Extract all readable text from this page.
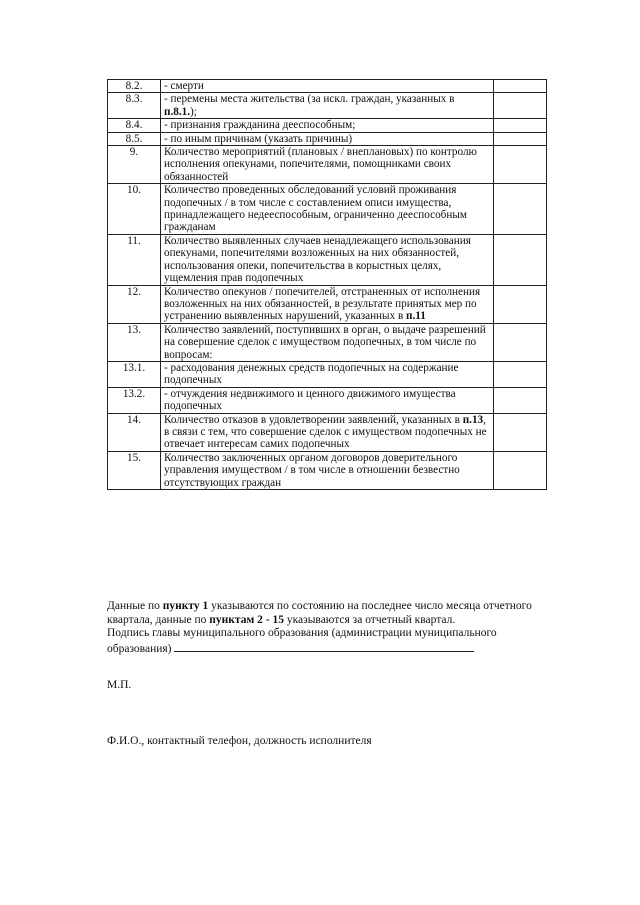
8.2.	- смерти	
8.3.	- перемены места жительства (за искл. граждан, указанных в п.8.1.);	
8.4.	- признания гражданина дееспособным;	
8.5.	- по иным причинам (указать причины)	
9.	Количество мероприятий (плановых / внеплановых) по контролю исполнения опекунами, попечителями, помощниками своих обязанностей	
10.	Количество проведенных обследований условий проживания подопечных / в том числе с составлением описи имущества, принадлежащего недееспособным, ограниченно дееспособным гражданам	
11.	Количество выявленных случаев ненадлежащего использования опекунами, попечителями возложенных на них обязанностей, использования опеки, попечительства в корыстных целях, ущемления прав подопечных	
12.	Количество опекунов / попечителей, отстраненных от исполнения возложенных на них обязанностей, в результате принятых мер по устранению выявленных нарушений, указанных в п.11	
13.	Количество заявлений, поступивших в орган, о выдаче разрешений на совершение сделок с имуществом подопечных, в том числе по вопросам:	
13.1.	- расходования денежных средств подопечных на содержание подопечных	
13.2.	- отчуждения недвижимого и ценного движимого имущества подопечных	
14.	Количество отказов в удовлетворении заявлений, указанных в п.13, в связи с тем, что совершение сделок с имуществом подопечных не отвечает интересам самих подопечных	
15.	Количество заключенных органом договоров доверительного управления имуществом / в том числе в отношении безвестно отсутствующих граждан	

Данные по пункту 1 указываются по состоянию на последнее число месяца отчетного квартала, данные по пунктам 2 - 15 указываются за отчетный квартал.

Подпись главы муниципального образования (администрации муниципального образования)

М.П.
Ф.И.О., контактный телефон, должность исполнителя
